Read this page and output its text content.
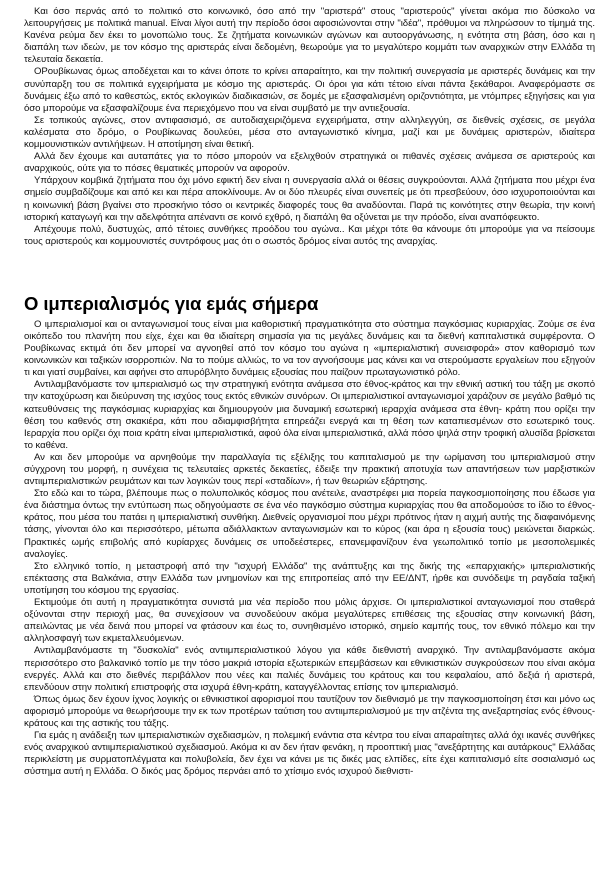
Και όσο περνάς από το πολιτικό στο κοινωνικό, όσο από την "αριστερά" στους "αριστερούς" γίνεται ακόμα πιο δύσκολο να λειτουργήσεις με πολιτικά manual. Είναι λίγοι αυτή την περίοδο όσοι αφοσιώνονται στην "ιδέα", πρόθυμοι να πληρώσουν το τίμημά της. Κανένα ρεύμα δεν έκει το μονοπώλιο τους. Σε ζητήματα κοινωνικών αγώνων και αυτοοργάνωσης, η ενότητα στη βάση, όσο και η διαπάλη των ιδεών, με τον κόσμο της αριστεράς είναι δεδομένη, θεωρούμε για το μεγαλύτερο κομμάτι των αναρχικών στην Ελλάδα τη τελευταία δεκαετία.

ΟΡουβίκωνας όμως αποδέχεται και το κάνει όποτε το κρίνει απαραίτητο, και την πολιτική συνεργασία με αριστερές δυνάμεις και την συνύπαρξη του σε πολιτικά εγχειρήματα με κόσμο της αριστεράς. Οι όροι για κάτι τέτοιο είναι πάντα ξεκάθαροι. Αναφερόμαστε σε δυνάμεις έξω από το καθεστώς, εκτός εκλογικών διαδικασιών, σε δομές με εξασφαλισμένη οριζοντιότητα, με ντόμπρες εξηγήσεις και για όσο μπορούμε να εξασφαλίζουμε ένα περιεχόμενο που να είναι συμβατό με την αντιεξουσία.

Σε τοπικούς αγώνες, στον αντιφασισμό, σε αυτοδιαχειριζόμενα εγχειρήματα, στην αλληλεγγύη, σε διεθνείς σχέσεις, σε μεγάλα καλέσματα στο δρόμο, ο Ρουβίκωνας δουλεύει, μέσα στο ανταγωνιστικό κίνημα, μαζί και με δυνάμεις αριστερών, ιδιαίτερα κομμουνιστικών αντιλήψεων. Η αποτίμηση είναι θετική.

Αλλά δεν έχουμε και αυταπάτες για το πόσο μπορούν να εξελιχθούν στρατηγικά οι πιθανές σχέσεις ανάμεσα σε αριστερούς και αναρχικούς, ούτε για το πόσες θεματικές μπορούν να αφορούν.

Υπάρχουν κομβικά ζητήματα που όχι μόνο εφικτή δεν είναι η συνεργασία αλλά οι θέσεις συγκρούονται. Αλλά ζητήματα που μέχρι ένα σημείο συμβαδίζουμε και από κει και πέρα αποκλίνουμε. Αν οι δύο πλευρές είναι συνεπείς με ότι πρεσβεύουν, όσο ισχυροποιούνται και η κοινωνική βάση βγαίνει στο προσκήνιο τόσο οι κεντρικές διαφορές τους θα αναδύονται. Παρά τις κοινότητες στην θεωρία, την κοινή ιστορική καταγωγή και την αδελφότητα απέναντι σε κοινό εχθρό, η διαπάλη θα οξύνεται με την πρόοδο, είναι αναπόφευκτο.

Απέχουμε πολύ, δυστυχώς, από τέτοιες συνθήκες προόδου του αγώνα.. Και μέχρι τότε θα κάνουμε ότι μπορούμε για να πείσουμε τους αριστερούς και κομμουνιστές συντρόφους μας ότι ο σωστός δρόμος είναι αυτός της αναρχίας.

Ο ιμπεριαλισμός για εμάς σήμερα

Ο ιμπεριαλισμοί και οι ανταγωνισμοί τους είναι μια καθοριστική πραγματικότητα στο σύστημα παγκόσμιας κυριαρχίας. Ζούμε σε ένα οικόπεδο του πλανήτη που είχε, έχει και θα ιδιαίτερη σημασία για τις μεγάλες δυνάμεις και τα διεθνή καπιταλιστικά συμφέροντα. Ο Ρουβίκωνας εκτιμά ότι δεν μπορεί να αγνοηθεί από τον κόσμο του αγώνα η «ιμπεριαλιστική συνεισφορά» στον καθορισμό των κοινωνικών και ταξικών ισορροπιών. Να το πούμε αλλιώς, το να τον αγνοήσουμε μας κάνει και να στερούμαστε εργαλείων που εξηγούν τι και γιατί συμβαίνει, και αφήνει στο απυρόβλητο δυνάμεις εξουσίας που παίζουν πρωταγωνιστικό ρόλο.

Αντιλαμβανόμαστε τον ιμπεριαλισμό ως την στρατηγική ενότητα ανάμεσα στο έθνος-κράτος και την εθνική αστική του τάξη με σκοπό την κατοχύρωση και διεύρυνση της ισχύος τους εκτός εθνικών συνόρων. Οι ιμπεριαλιστικοί ανταγωνισμοί χαράζουν σε μεγάλο βαθμό τις κατευθύνσεις της παγκόσμιας κυριαρχίας και δημιουργούν μια δυναμική εσωτερική ιεραρχία ανάμεσα στα έθνη- κράτη που ορίζει την θέση του καθενός στη σκακιέρα, κάτι που αδιαμφισβήτητα επηρεάζει ενεργά και τη θέση των καταπιεσμένων στο εσωτερικό τους. Ιεραρχία που ορίζει όχι ποια κράτη είναι ιμπεριαλιστικά, αφού όλα είναι ιμπεριαλιστικά, αλλά πόσο ψηλά στην τροφική αλυσίδα βρίσκεται το καθένα.

Αν και δεν μπορούμε να αρνηθούμε την παραλλαγία τις εξέλιξης του καπιταλισμού με την ωρίμανση του ιμπεριαλισμού στην σύγχρονη του μορφή, η συνέχεια τις τελευταίες αρκετές δεκαετίες, έδειξε την πρακτική αποτυχία των απαντήσεων των μαρξιστικών αντιιμπεριαλιστικών ρευμάτων και των λογικών τους περί «σταδίων», ή των θεωριών εξάρτησης.

Στο εδώ και το τώρα, βλέπουμε πως ο πολυπολικός κόσμος που ανέτειλε, αναστρέφει μια πορεία παγκοσμιοποίησης που έδωσε για ένα διάστημα όντως την εντύπωση πως οδηγούμαστε σε ένα νέο παγκόσμιο σύστημα κυριαρχίας που θα αποδομούσε το ίδιο το έθνος- κράτος, που μέσα του πατάει η ιμπεριαλιστική συνθήκη. Διεθνείς οργανισμοί που μέχρι πρότινος ήταν η αιχμή αυτής της διαφαινόμενης τάσης, γίνονται όλο και περισσότερο, μέτωπα αδιάλλακτων ανταγωνισμών και το κύρος (και άρα η εξουσία τους) μειώνεται διαρκώς. Πρακτικές ωμής επιβολής από κυρίαρχες δυνάμεις σε υποδεέστερες, επανεμφανίζουν ένα γεωπολιτικό τοπίο με μεσοπολεμικές αναλογίες.

Στο ελληνικό τοπίο, η μεταστροφή από την "ισχυρή Ελλάδα" της ανάπτυξης και της δικής της «επαρχιακής» ιμπεριαλιστικής επέκτασης στα Βαλκάνια, στην Ελλάδα των μνημονίων και της επιτροπείας από την ΕΕ/ΔΝΤ, ήρθε και συνόδεψε τη ραγδαία ταξική υποτίμηση του κόσμου της εργασίας.

Εκτιμούμε ότι αυτή η πραγματικότητα συνιστά μια νέα περίοδο που μόλις άρχισε. Οι ιμπεριαλιστικοί ανταγωνισμοί που σταθερά οξύνονται στην περιοχή μας, θα συνεχίσουν να συνοδεύουν ακόμα μεγαλύτερες επιθέσεις της εξουσίας στην κοινωνική βάση, απειλώντας με νέα δεινά που μπορεί να φτάσουν και έως το, συνηθισμένο ιστορικό, σημείο καμπής τους, τον εθνικό πόλεμο και την αλληλοσφαγή των εκμεταλλευόμενων.

Αντιλαμβανόμαστε τη "δυσκολία" ενός αντιιμπεριαλιστικού λόγου για κάθε διεθνιστή αναρχικό. Την αντιλαμβανόμαστε ακόμα περισσότερο στο βαλκανικό τοπίο με την τόσο μακριά ιστορία εξωτερικών επεμβάσεων και εθνικιστικών συγκρούσεων που είναι ακόμα ενεργές. Αλλά και στο διεθνές περιβάλλον που νέες και παλιές δυνάμεις του κράτους και του κεφαλαίου, από δεξιά ή αριστερά, επενδύουν στην πολιτική επιστροφής στα ισχυρά έθνη-κράτη, καταγγέλλοντας επίσης τον ιμπεριαλισμό.

Όπως όμως δεν έχουν ίχνος λογικής οι εθνικιστικοί αφορισμοί που ταυτίζουν τον διεθνισμό με την παγκοσμιοποίηση έτσι και μόνο ως αφορισμό μπορούμε να θεωρήσουμε την εκ των προτέρων ταύτιση του αντιιμπεριαλισμού με την ατζέντα της ανεξαρτησίας ενός έθνους-κράτους και της αστικής του τάξης.

Για εμάς η ανάδειξη των ιμπεριαλιστικών σχεδιασμών, η πολεμική ενάντια στα κέντρα του είναι απαραίτητες αλλά όχι ικανές συνθήκες ενός αναρχικού αντιιμπεριαλιστικού σχεδιασμού. Ακόμα κι αν δεν ήταν φενάκη, η προοπτική μιας "ανεξάρτητης και αυτάρκους" Ελλάδας περικλείστη με συρματοπλέγματα και πολυβολεία, δεν έχει να κάνει με τις δικές μας ελπίδες, είτε έχει καπιταλισμό είτε σοσιαλισμό ως σύστημα αυτή η Ελλάδα. Ο δικός μας δρόμος περνάει από το χτίσιμο ενός ισχυρού διεθνιστι-
